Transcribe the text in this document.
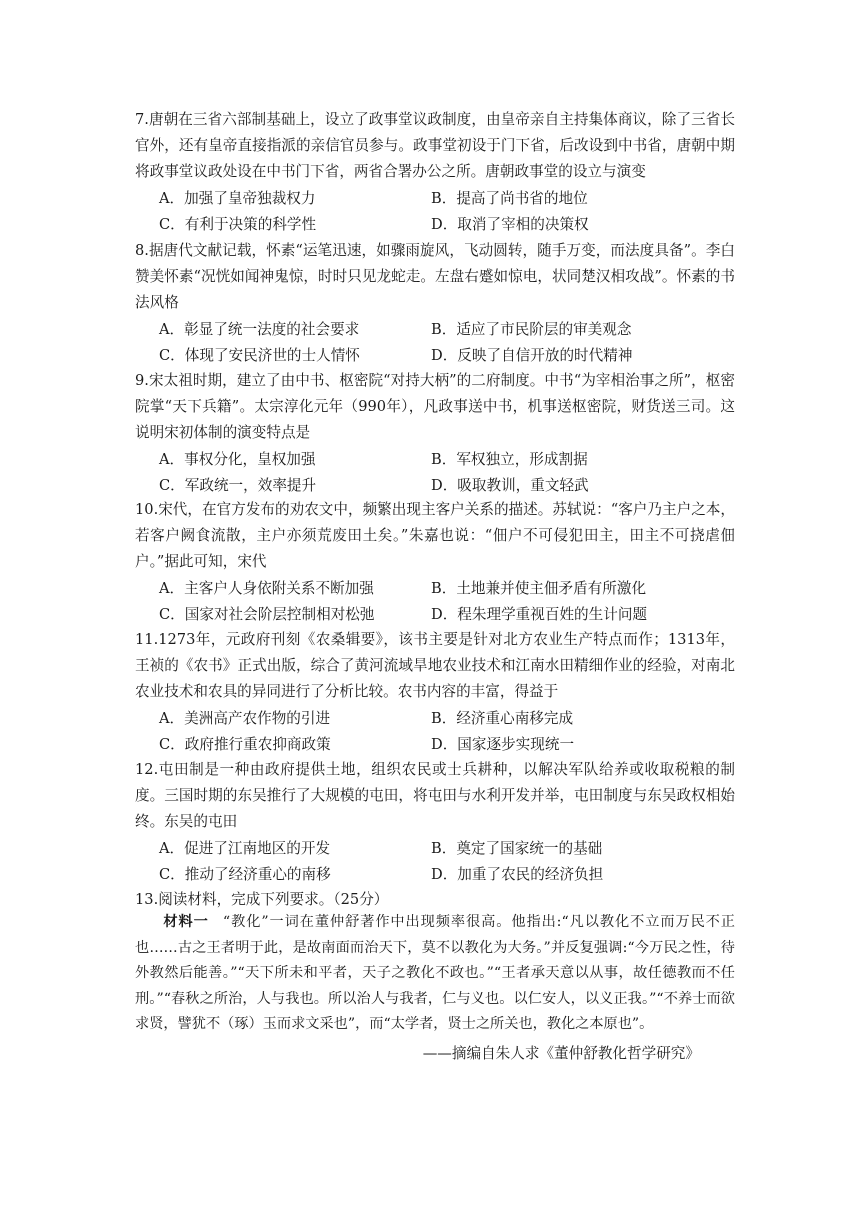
7.唐朝在三省六部制基础上，设立了政事堂议政制度，由皇帝亲自主持集体商议，除了三省长官外，还有皇帝直接指派的亲信官员参与。政事堂初设于门下省，后改设到中书省，唐朝中期将政事堂议政处设在中书门下省，两省合署办公之所。唐朝政事堂的设立与演变

A．加强了皇帝独裁权力	B．提高了尚书省的地位
C．有利于决策的科学性	D．取消了宰相的决策权

8.据唐代文献记载，怀素“运笔迅速，如骤雨旋风，飞动圆转，随手万变，而法度具备”。李白赞美怀素“况恍如闻神鬼惊，时时只见龙蛇走。左盘右蹙如惊电，状同楚汉相攻战”。怀素的书法风格

A．彰显了统一法度的社会要求	B．适应了市民阶层的审美观念
C．体现了安民济世的士人情怀	D．反映了自信开放的时代精神

9.宋太祖时期，建立了由中书、枢密院“对持大柄”的二府制度。中书“为宰相治事之所”，枢密院掌“天下兵籍”。太宗淳化元年（990年），凡政事送中书，机事送枢密院，财货送三司。这说明宋初体制的演变特点是

A．事权分化，皇权加强	B．军权独立，形成割据
C．军政统一，效率提升	D．吸取教训，重文轻武

10.宋代，在官方发布的劝农文中，频繁出现主客户关系的描述。苏轼说：“客户乃主户之本，若客户阙食流散，主户亦须荒废田土矣。”朱嘉也说：“佃户不可侵犯田主，田主不可挠虐佃户。”据此可知，宋代

A．主客户人身依附关系不断加强	B．土地兼并使主佃矛盾有所激化
C．国家对社会阶层控制相对松弛	D．程朱理学重视百姓的生计问题

11.1273年，元政府刊刻《农桑辑要》，该书主要是针对北方农业生产特点而作；1313年，王祯的《农书》正式出版，综合了黄河流域旱地农业技术和江南水田精细作业的经验，对南北农业技术和农具的异同进行了分析比较。农书内容的丰富，得益于

A．美洲高产农作物的引进	B．经济重心南移完成
C．政府推行重农抑商政策	D．国家逐步实现统一

12.屯田制是一种由政府提供土地，组织农民或士兵耕种，以解决军队给养或收取税粮的制度。三国时期的东吴推行了大规模的屯田，将屯田与水利开发并举，屯田制度与东吴政权相始终。东吴的屯田

A．促进了江南地区的开发	B．奠定了国家统一的基础
C．推动了经济重心的南移	D．加重了农民的经济负担

13.阅读材料，完成下列要求。（25分）

材料一  “教化”一词在董仲舒著作中出现频率很高。他指出:“凡以教化不立而万民不正也……古之王者明于此，是故南面而治天下，莫不以教化为大务。”并反复强调:“今万民之性，待外教然后能善。”“天下所未和平者，天子之教化不政也。”“王者承天意以从事，故任德教而不任刑。”“春秋之所治，人与我也。所以治人与我者，仁与义也。以仁安人，以义正我。”“不养士而欲求贤，譬犹不（琢）玉而求文采也”，而“太学者，贤士之所关也，教化之本原也”。

——摘编自朱人求《董仲舒教化哲学研究》
